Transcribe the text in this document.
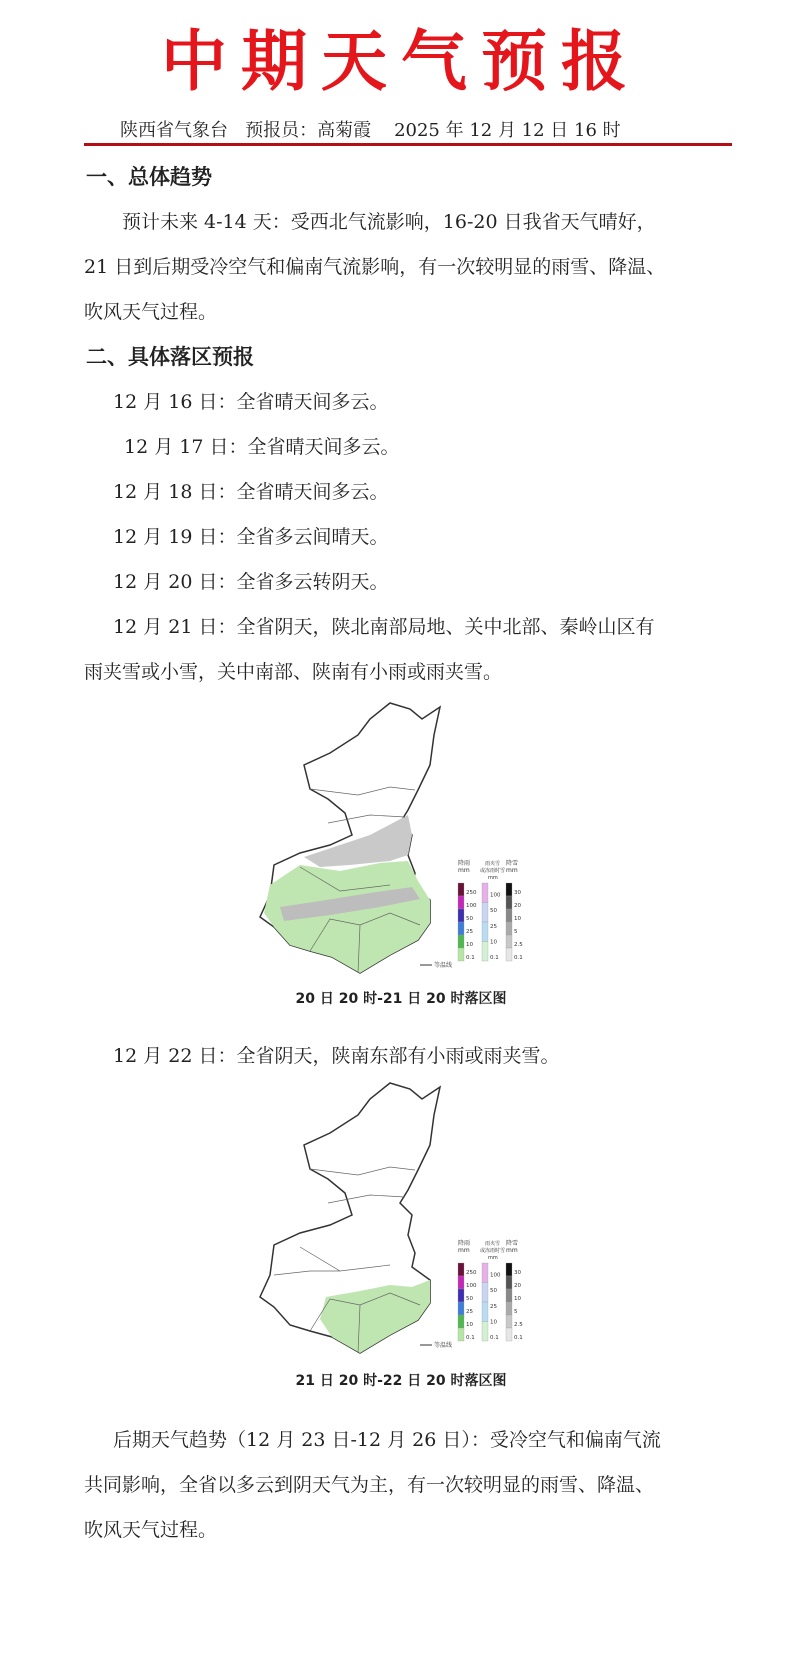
中期天气预报
陕西省气象台 预报员：高菊霞 2025 年 12 月 12 日 16 时
一、总体趋势
预计未来 4-14 天：受西北气流影响，16-20 日我省天气晴好，
21 日到后期受冷空气和偏南气流影响，有一次较明显的雨雪、降温、
吹风天气过程。
二、具体落区预报
12 月 16 日：全省晴天间多云。
12 月 17 日：全省晴天间多云。
12 月 18 日：全省晴天间多云。
12 月 19 日：全省多云间晴天。
12 月 20 日：全省多云转阴天。
12 月 21 日：全省阴天，陕北南部局地、关中北部、秦岭山区有
雨夹雪或小雪，关中南部、陕南有小雨或雨夹雪。
降雨
mm
雨夹雪
或冻雨时雪
mm
降雪
mm
250
100
50
25
10
0.1
100
50
25
10
0.1
30
20
10
5
2.5
0.1
等温线
20 日 20 时-21 日 20 时落区图
12 月 22 日：全省阴天，陕南东部有小雨或雨夹雪。
降雨
mm
雨夹雪
或冻雨时雪
mm
降雪
mm
250
100
50
25
10
0.1
100
50
25
10
0.1
30
20
10
5
2.5
0.1
等温线
21 日 20 时-22 日 20 时落区图
后期天气趋势（12 月 23 日-12 月 26 日）：受冷空气和偏南气流
共同影响，全省以多云到阴天气为主，有一次较明显的雨雪、降温、
吹风天气过程。
